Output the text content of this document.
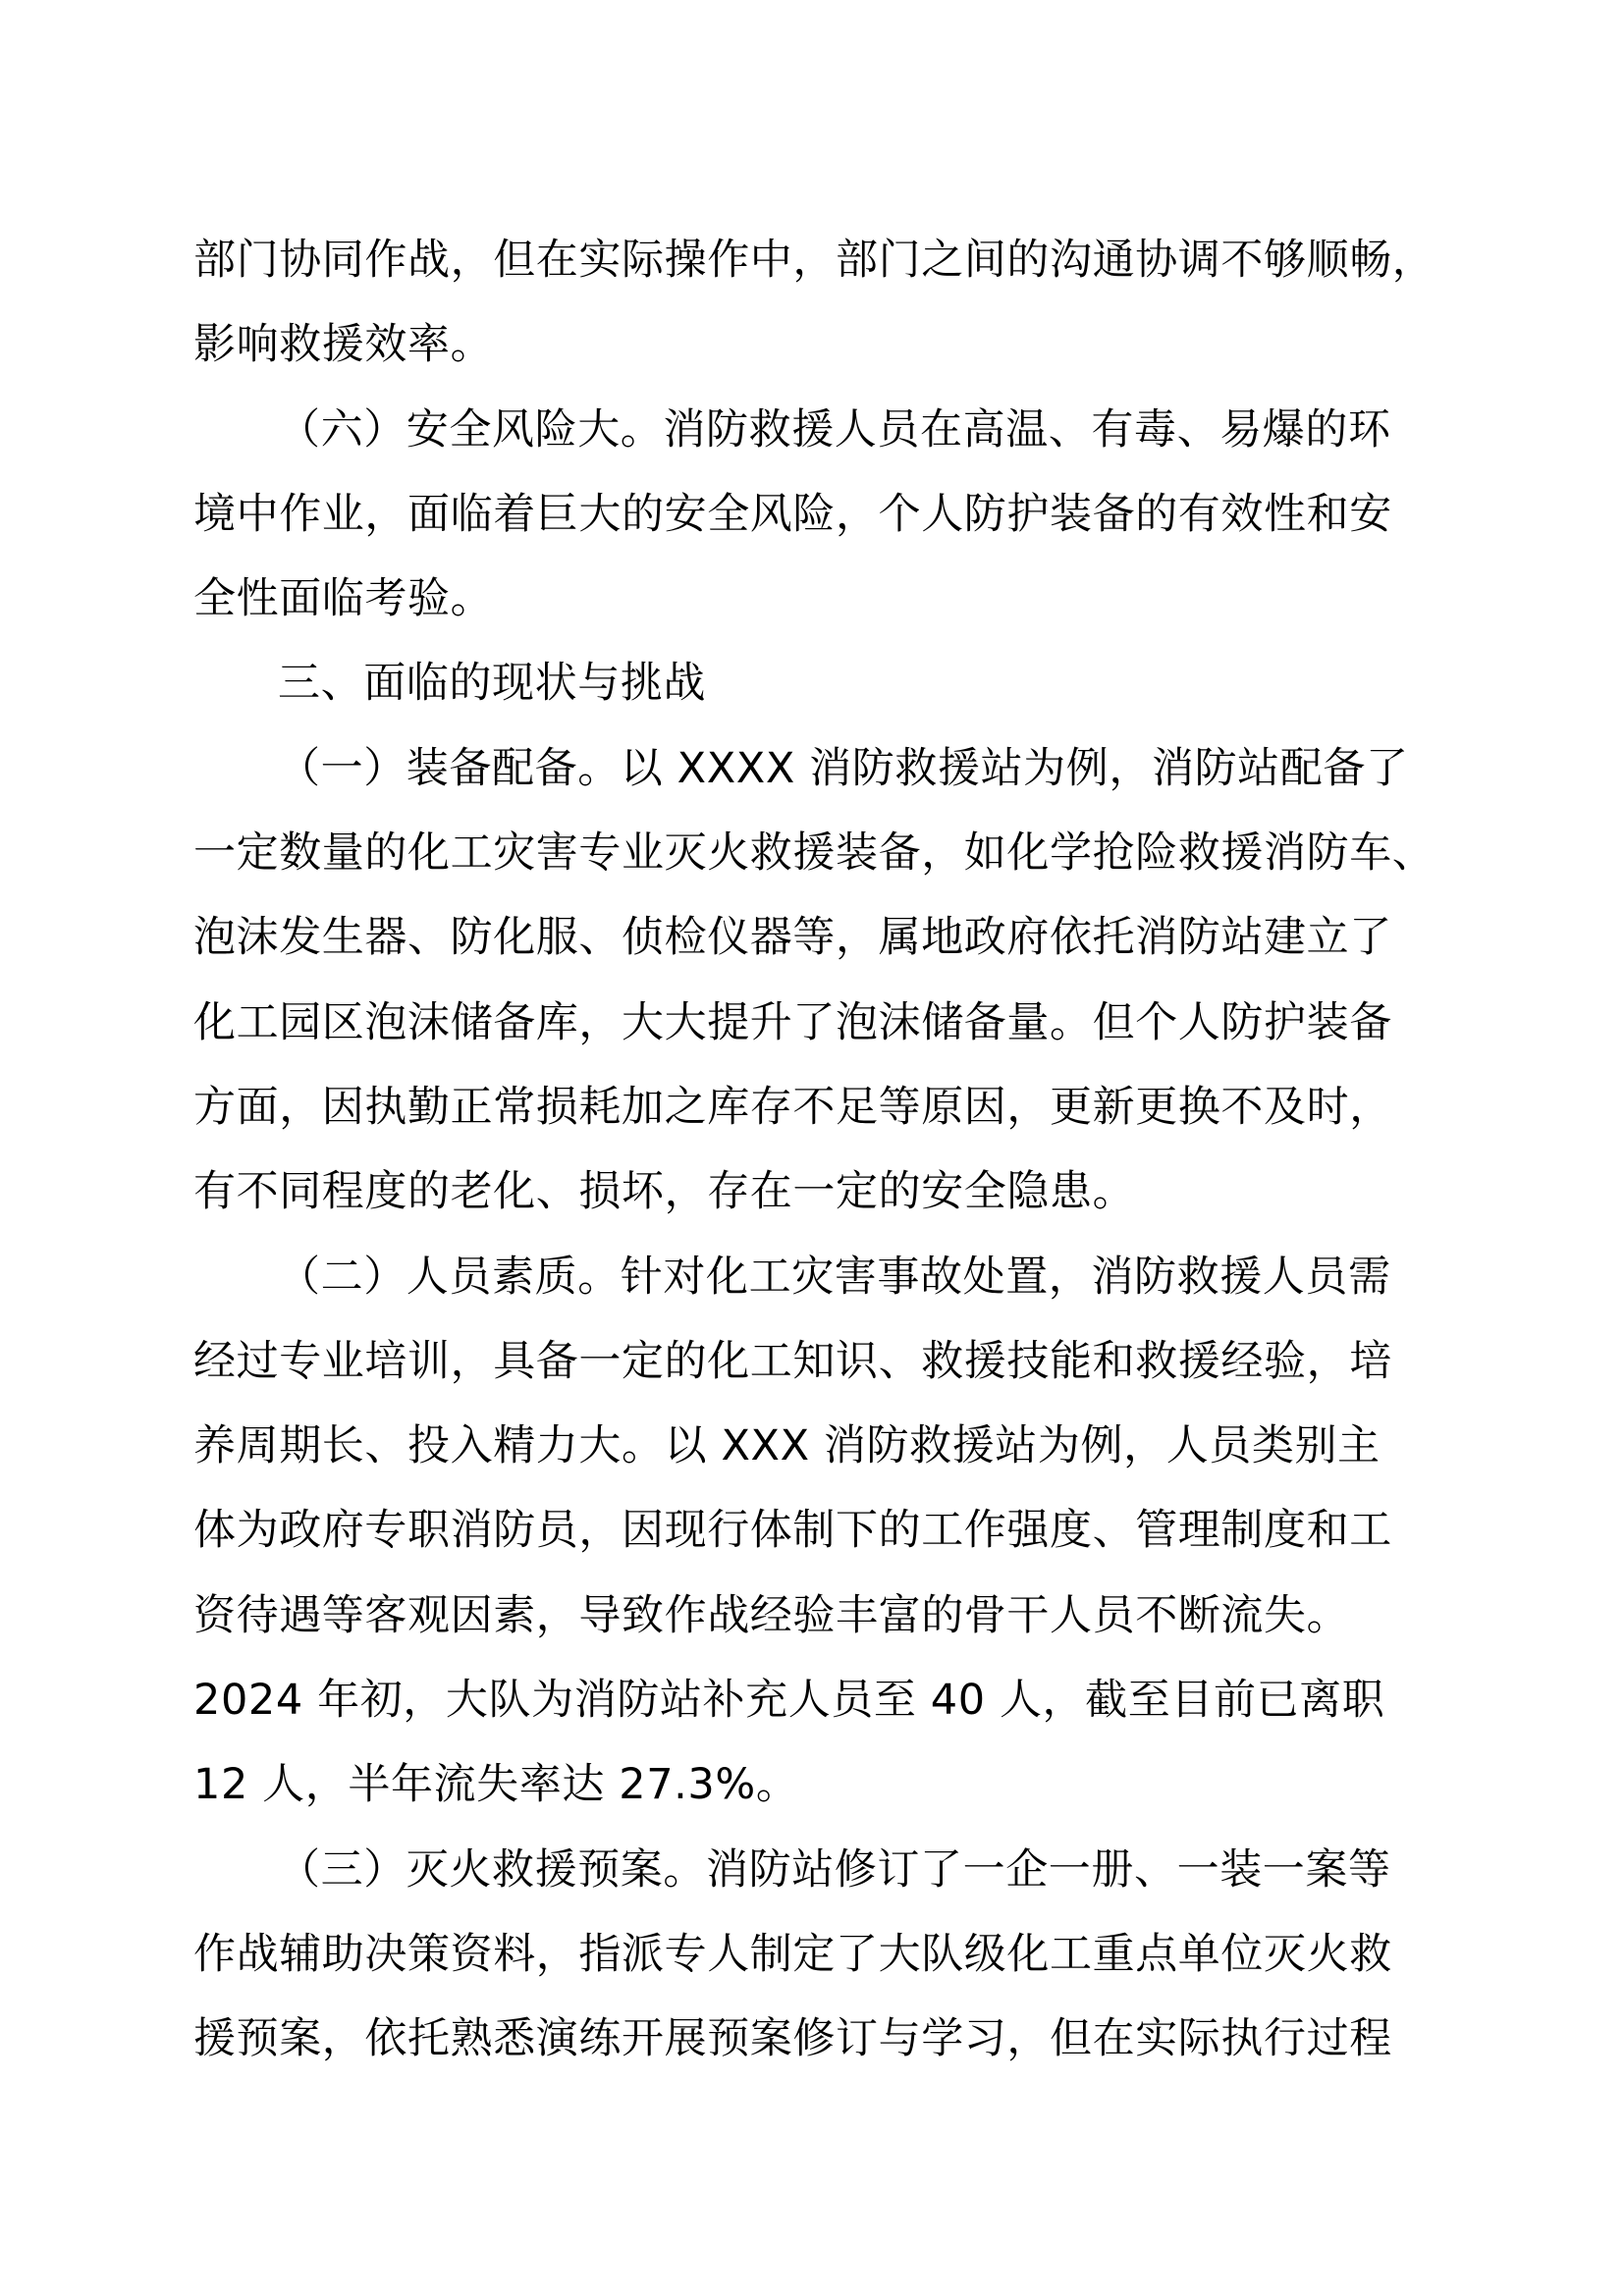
部门协同作战，但在实际操作中，部门之间的沟通协调不够顺畅，
影响救援效率。

（六）安全风险大。消防救援人员在高温、有毒、易爆的环
境中作业，面临着巨大的安全风险，个人防护装备的有效性和安
全性面临考验。

三、面临的现状与挑战

（一）装备配备。以 XXXX 消防救援站为例，消防站配备了
一定数量的化工灾害专业灭火救援装备，如化学抢险救援消防车、
泡沫发生器、防化服、侦检仪器等，属地政府依托消防站建立了
化工园区泡沫储备库，大大提升了泡沫储备量。但个人防护装备
方面，因执勤正常损耗加之库存不足等原因，更新更换不及时，
有不同程度的老化、损坏，存在一定的安全隐患。

（二）人员素质。针对化工灾害事故处置，消防救援人员需
经过专业培训，具备一定的化工知识、救援技能和救援经验，培
养周期长、投入精力大。以 XXX 消防救援站为例，人员类别主
体为政府专职消防员，因现行体制下的工作强度、管理制度和工
资待遇等客观因素，导致作战经验丰富的骨干人员不断流失。
2024 年初，大队为消防站补充人员至 40 人，截至目前已离职
12 人，半年流失率达 27.3%。

（三）灭火救援预案。消防站修订了一企一册、一装一案等
作战辅助决策资料，指派专人制定了大队级化工重点单位灭火救
援预案，依托熟悉演练开展预案修订与学习，但在实际执行过程
